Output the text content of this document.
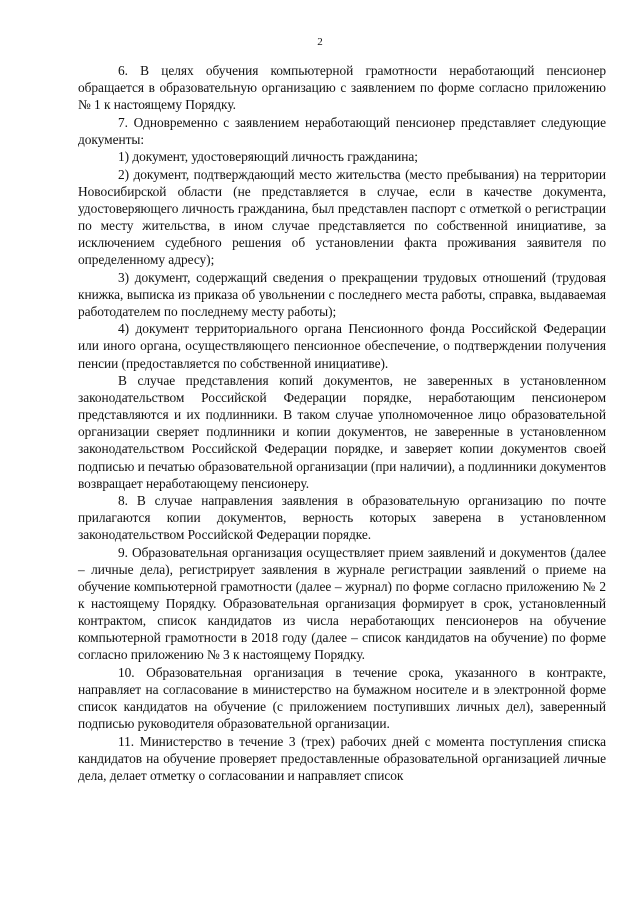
2

6. В целях обучения компьютерной грамотности неработающий пенсионер обращается в образовательную организацию с заявлением по форме согласно приложению № 1 к настоящему Порядку.

7. Одновременно с заявлением неработающий пенсионер представляет следующие документы:

1) документ, удостоверяющий личность гражданина;

2) документ, подтверждающий место жительства (место пребывания) на территории Новосибирской области (не представляется в случае, если в качестве документа, удостоверяющего личность гражданина, был представлен паспорт с отметкой о регистрации по месту жительства, в ином случае представляется по собственной инициативе, за исключением судебного решения об установлении факта проживания заявителя по определенному адресу);

3) документ, содержащий сведения о прекращении трудовых отношений (трудовая книжка, выписка из приказа об увольнении с последнего места работы, справка, выдаваемая работодателем по последнему месту работы);

4) документ территориального органа Пенсионного фонда Российской Федерации или иного органа, осуществляющего пенсионное обеспечение, о подтверждении получения пенсии (предоставляется по собственной инициативе).

В случае представления копий документов, не заверенных в установленном законодательством Российской Федерации порядке, неработающим пенсионером представляются и их подлинники. В таком случае уполномоченное лицо образовательной организации сверяет подлинники и копии документов, не заверенные в установленном законодательством Российской Федерации порядке, и заверяет копии документов своей подписью и печатью образовательной организации (при наличии), а подлинники документов возвращает неработающему пенсионеру.

8. В случае направления заявления в образовательную организацию по почте прилагаются копии документов, верность которых заверена в установленном законодательством Российской Федерации порядке.

9. Образовательная организация осуществляет прием заявлений и документов (далее – личные дела), регистрирует заявления в журнале регистрации заявлений о приеме на обучение компьютерной грамотности (далее – журнал) по форме согласно приложению № 2 к настоящему Порядку. Образовательная организация формирует в срок, установленный контрактом, список кандидатов из числа неработающих пенсионеров на обучение компьютерной грамотности в 2018 году (далее – список кандидатов на обучение) по форме согласно приложению № 3 к настоящему Порядку.

10. Образовательная организация в течение срока, указанного в контракте, направляет на согласование в министерство на бумажном носителе и в электронной форме список кандидатов на обучение (с приложением поступивших личных дел), заверенный подписью руководителя образовательной организации.

11. Министерство в течение 3 (трех) рабочих дней с момента поступления списка кандидатов на обучение проверяет предоставленные образовательной организацией личные дела, делает отметку о согласовании и направляет список
